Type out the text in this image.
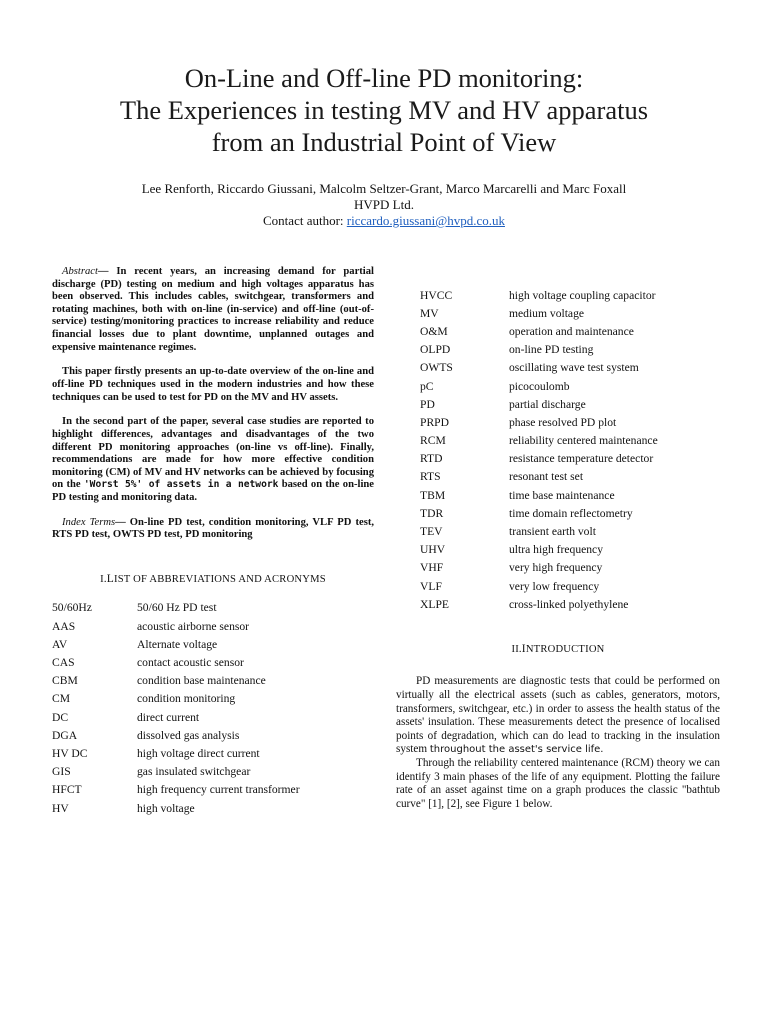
On-Line and Off-line PD monitoring:
The Experiences in testing MV and HV apparatus
from an Industrial Point of View
Lee Renforth, Riccardo Giussani, Malcolm Seltzer-Grant, Marco Marcarelli and Marc Foxall
HVPD Ltd.
Contact author: riccardo.giussani@hvpd.co.uk

Abstract— In recent years, an increasing demand for partial discharge (PD) testing on medium and high voltages apparatus has been observed. This includes cables, switchgear, transformers and rotating machines, both with on-line (in-service) and off-line (out-of-service) testing/monitoring practices to increase reliability and reduce financial losses due to plant downtime, unplanned outages and expensive maintenance regimes.

This paper firstly presents an up-to-date overview of the on-line and off-line PD techniques used in the modern industries and how these techniques can be used to test for PD on the MV and HV assets.

In the second part of the paper, several case studies are reported to highlight differences, advantages and disadvantages of the two different PD monitoring approaches (on-line vs off-line). Finally, recommendations are made for how more effective condition monitoring (CM) of MV and HV networks can be achieved by focusing on the 'Worst 5%' of assets in a network based on the on-line PD testing and monitoring data.

Index Terms— On-line PD test, condition monitoring, VLF PD test, RTS PD test, OWTS PD test, PD monitoring

I.LIST OF ABBREVIATIONS AND ACRONYMS
50/60Hz	50/60 Hz PD test
AAS	acoustic airborne sensor
AV	Alternate voltage
CAS	contact acoustic sensor
CBM	condition base maintenance
CM	condition monitoring
DC	direct current
DGA	dissolved gas analysis
HV DC	high voltage direct current
GIS	gas insulated switchgear
HFCT	high frequency current transformer
HV	high voltage
HVCC	high voltage coupling capacitor
MV	medium voltage
O&M	operation and maintenance
OLPD	on-line PD testing
OWTS	oscillating wave test system
pC	picocoulomb
PD	partial discharge
PRPD	phase resolved PD plot
RCM	reliability centered maintenance
RTD	resistance temperature detector
RTS	resonant test set
TBM	time base maintenance
TDR	time domain reflectometry
TEV	transient earth volt
UHV	ultra high frequency
VHF	very high frequency
VLF	very low frequency
XLPE	cross-linked polyethylene
II.INTRODUCTION

PD measurements are diagnostic tests that could be performed on virtually all the electrical assets (such as cables, generators, motors, transformers, switchgear, etc.) in order to assess the health status of the assets' insulation. These measurements detect the presence of localised points of degradation, which can do lead to tracking in the insulation system throughout the asset's service life.

Through the reliability centered maintenance (RCM) theory we can identify 3 main phases of the life of any equipment. Plotting the failure rate of an asset against time on a graph produces the classic "bathtub curve" [1], [2], see Figure 1 below.
